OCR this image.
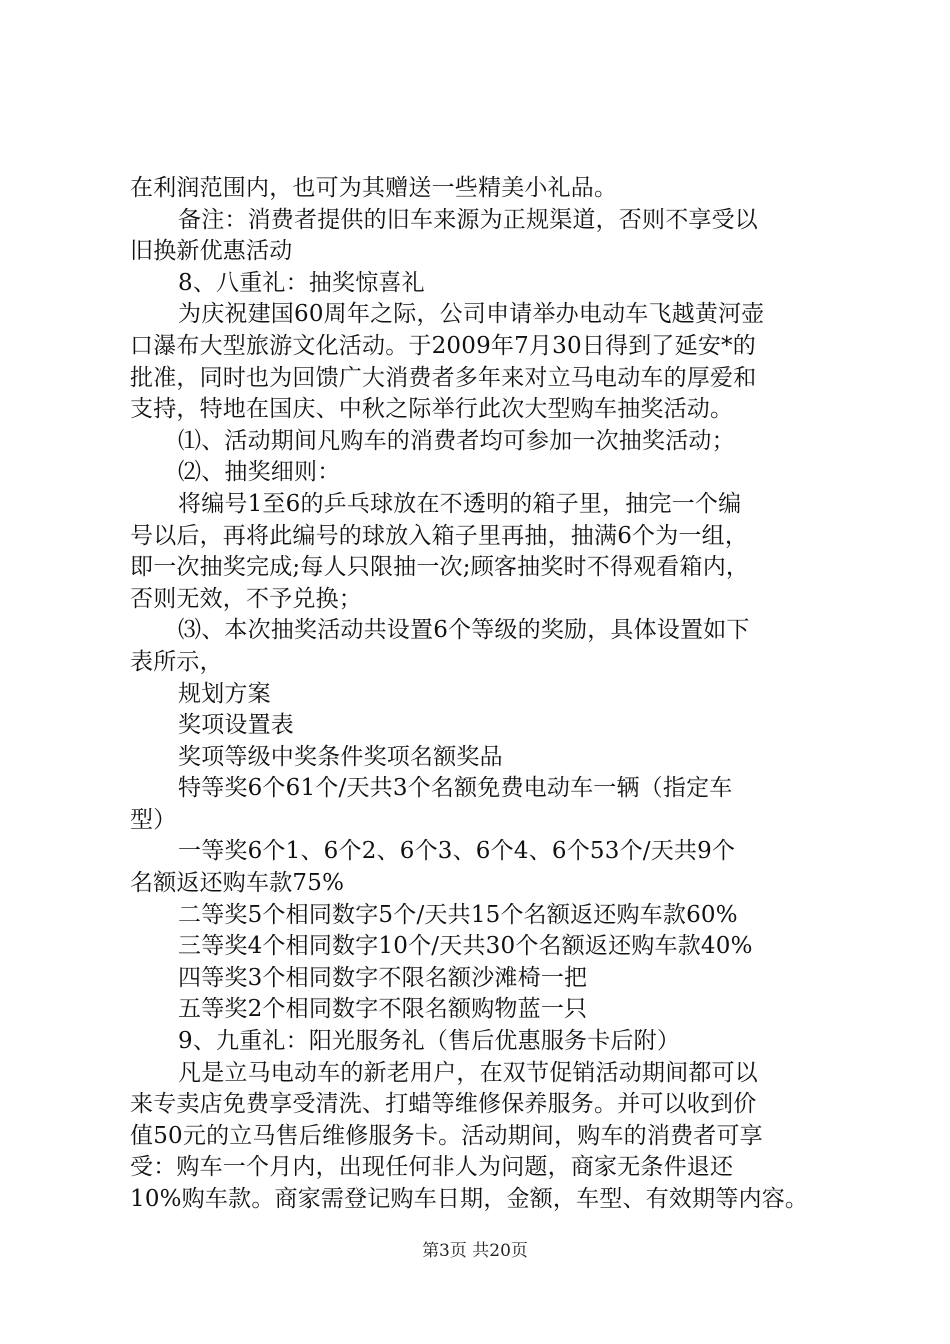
在利润范围内，也可为其赠送一些精美小礼品。
备注：消费者提供的旧车来源为正规渠道，否则不享受以
旧换新优惠活动
8、八重礼：抽奖惊喜礼
为庆祝建国60周年之际，公司申请举办电动车飞越黄河壶
口瀑布大型旅游文化活动。于2009年7月30日得到了延安*的
批准，同时也为回馈广大消费者多年来对立马电动车的厚爱和
支持，特地在国庆、中秋之际举行此次大型购车抽奖活动。
⑴、活动期间凡购车的消费者均可参加一次抽奖活动；
⑵、抽奖细则：
将编号1至6的乒乓球放在不透明的箱子里，抽完一个编
号以后，再将此编号的球放入箱子里再抽，抽满6个为一组，
即一次抽奖完成;每人只限抽一次;顾客抽奖时不得观看箱内，
否则无效，不予兑换；
⑶、本次抽奖活动共设置6个等级的奖励，具体设置如下
表所示，
规划方案
奖项设置表
奖项等级中奖条件奖项名额奖品
特等奖6个61个/天共3个名额免费电动车一辆（指定车
型）
一等奖6个1、6个2、6个3、6个4、6个53个/天共9个
名额返还购车款75%
二等奖5个相同数字5个/天共15个名额返还购车款60%
三等奖4个相同数字10个/天共30个名额返还购车款40%
四等奖3个相同数字不限名额沙滩椅一把
五等奖2个相同数字不限名额购物蓝一只
9、九重礼：阳光服务礼（售后优惠服务卡后附）
凡是立马电动车的新老用户，在双节促销活动期间都可以
来专卖店免费享受清洗、打蜡等维修保养服务。并可以收到价
值50元的立马售后维修服务卡。活动期间，购车的消费者可享
受：购车一个月内，出现任何非人为问题，商家无条件退还
10%购车款。商家需登记购车日期，金额，车型、有效期等内容。
第3页 共20页
